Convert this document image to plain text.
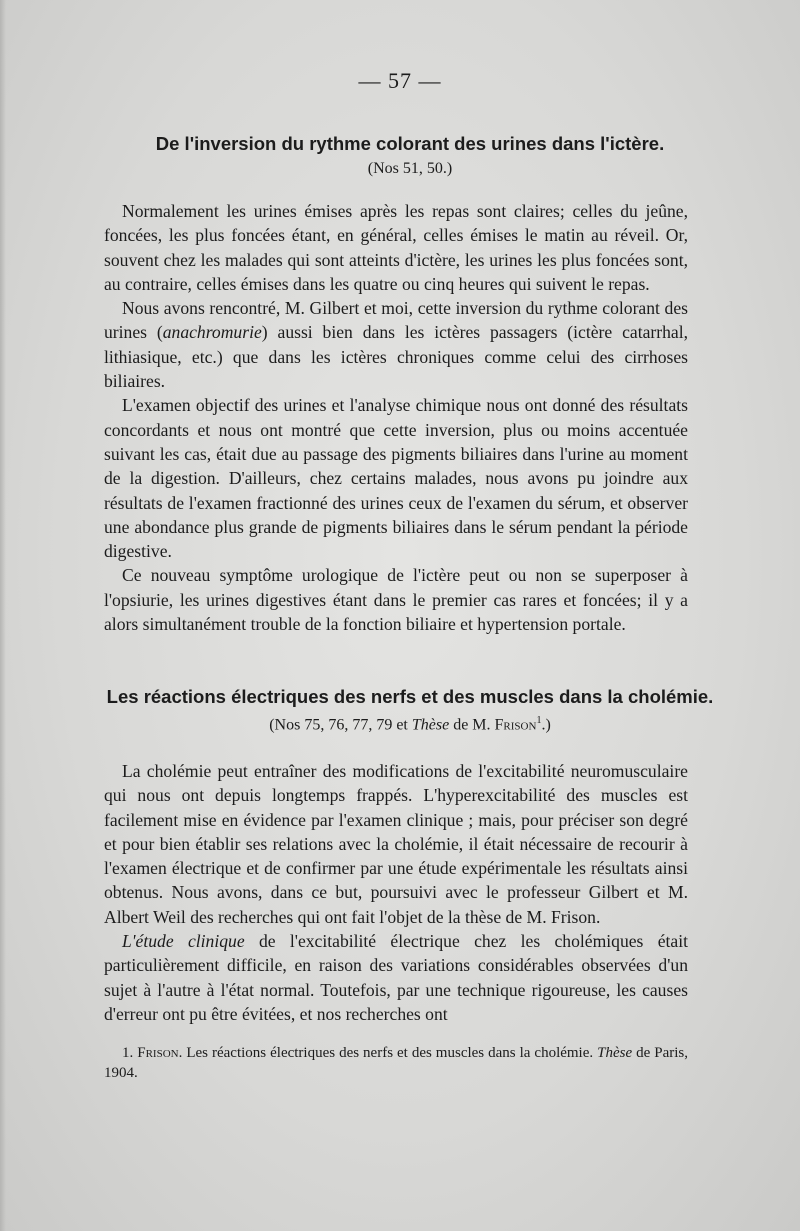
— 57 —
De l'inversion du rythme colorant des urines dans l'ictère.
(Nos 51, 50.)

Normalement les urines émises après les repas sont claires; celles du jeûne, foncées, les plus foncées étant, en général, celles émises le matin au réveil. Or, souvent chez les malades qui sont atteints d'ictère, les urines les plus foncées sont, au contraire, celles émises dans les quatre ou cinq heures qui suivent le repas.

Nous avons rencontré, M. Gilbert et moi, cette inversion du rythme colorant des urines (anachromurie) aussi bien dans les ictères passagers (ictère catarrhal, lithiasique, etc.) que dans les ictères chroniques comme celui des cirrhoses biliaires.

L'examen objectif des urines et l'analyse chimique nous ont donné des résultats concordants et nous ont montré que cette inversion, plus ou moins accentuée suivant les cas, était due au passage des pigments biliaires dans l'urine au moment de la digestion. D'ailleurs, chez certains malades, nous avons pu joindre aux résultats de l'examen fractionné des urines ceux de l'examen du sérum, et observer une abondance plus grande de pigments biliaires dans le sérum pendant la période digestive.

Ce nouveau symptôme urologique de l'ictère peut ou non se superposer à l'opsiurie, les urines digestives étant dans le premier cas rares et foncées; il y a alors simultanément trouble de la fonction biliaire et hypertension portale.

Les réactions électriques des nerfs et des muscles dans la cholémie.
(Nos 75, 76, 77, 79 et Thèse de M. Frison$^1$.)

La cholémie peut entraîner des modifications de l'excitabilité neuromusculaire qui nous ont depuis longtemps frappés. L'hyperexcitabilité des muscles est facilement mise en évidence par l'examen clinique ; mais, pour préciser son degré et pour bien établir ses relations avec la cholémie, il était nécessaire de recourir à l'examen électrique et de confirmer par une étude expérimentale les résultats ainsi obtenus. Nous avons, dans ce but, poursuivi avec le professeur Gilbert et M. Albert Weil des recherches qui ont fait l'objet de la thèse de M. Frison.

L'étude clinique de l'excitabilité électrique chez les cholémiques était particulièrement difficile, en raison des variations considérables observées d'un sujet à l'autre à l'état normal. Toutefois, par une technique rigoureuse, les causes d'erreur ont pu être évitées, et nos recherches ont

1. Frison. Les réactions électriques des nerfs et des muscles dans la cholémie. Thèse de Paris, 1904.
